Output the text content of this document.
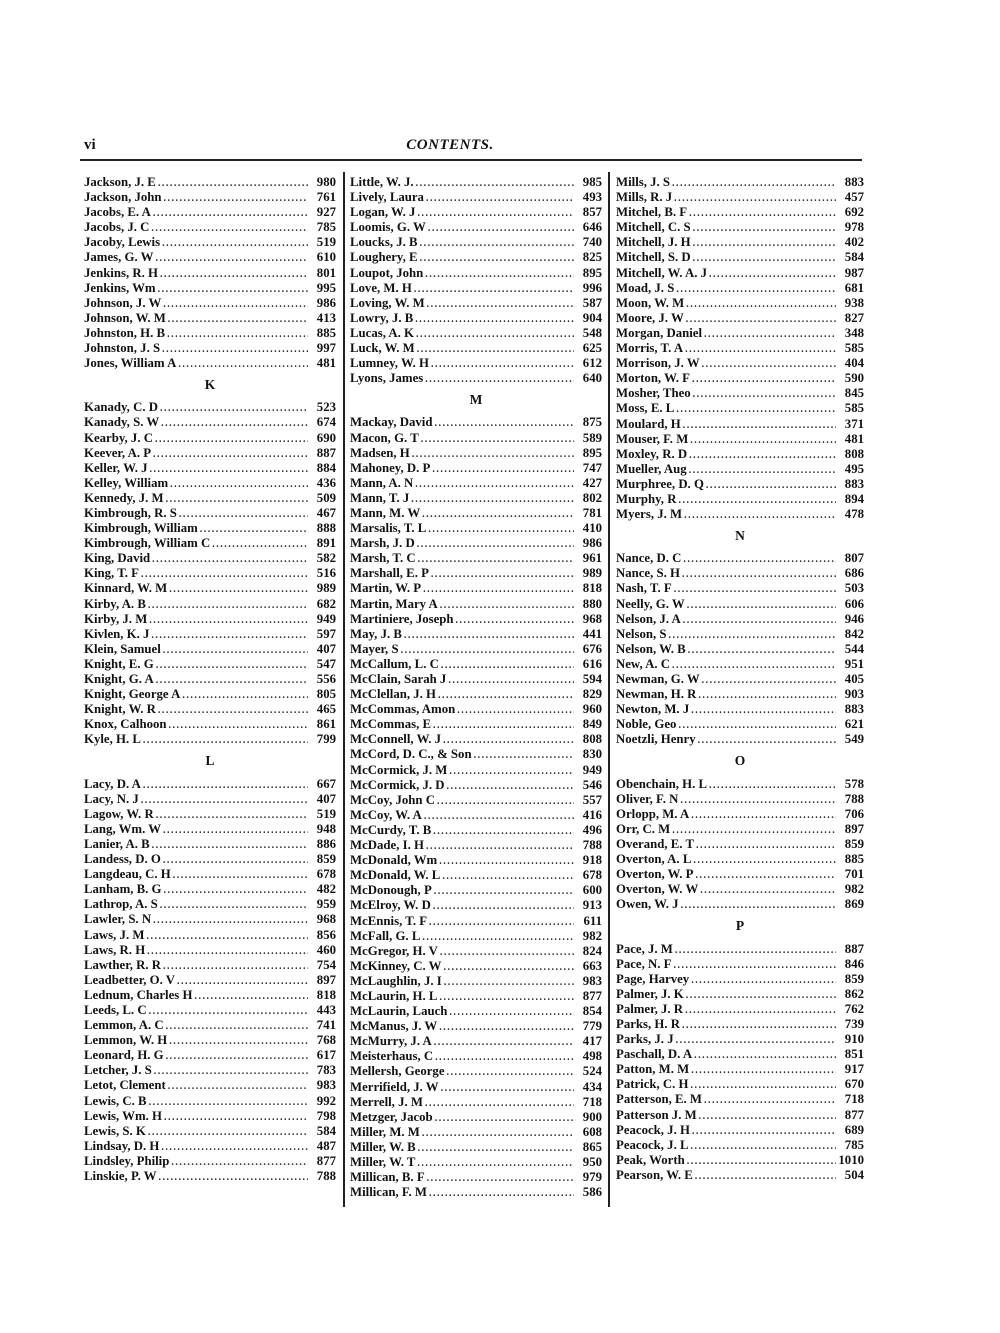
vi	CONTENTS.
Jackson, J. E . . .	980
Jackson, John . . .	761
Jacobs, E. A . . .	927
Jacobs, J. C . . .	785
Jacoby, Lewis . . .	519
James, G. W . . .	610
Jenkins, R. H . . .	801
Jenkins, Wm . . .	995
Johnson, J. W . . .	986
Johnson, W. M . . .	413
Johnston, H. B . . .	885
Johnston, J. S . . .	997
Jones, William A . . .	481
K
Kanady, C. D . . .	523
Kanady, S. W . . .	674
Kearby, J. C . . .	690
Keever, A. P . . .	887
Keller, W. J . . .	884
Kelley, William . . .	436
Kennedy, J. M . . .	509
Kimbrough, R. S . . .	467
Kimbrough, William . . .	888
Kimbrough, William C . . .	891
King, David . . .	582
King, T. F . . .	516
Kinnard, W. M . . .	989
Kirby, A. B . . .	682
Kirby, J. M . . .	949
Kivlen, K. J . . .	597
Klein, Samuel . . .	407
Knight, E. G . . .	547
Knight, G. A . . .	556
Knight, George A . . .	805
Knight, W. R . . .	465
Knox, Calhoon . . .	861
Kyle, H. L . . .	799
L
Lacy, D. A . . .	667
Lacy, N. J . . .	407
Lagow, W. R . . .	519
Lang, Wm. W . . .	948
Lanier, A. B . . .	886
Landess, D. O . . .	859
Langdeau, C. H . . .	678
Lanham, B. G . . .	482
Lathrop, A. S . . .	959
Lawler, S. N . . .	968
Laws, J. M . . .	856
Laws, R. H . . .	460
Lawther, R. R . . .	754
Leadbetter, O. V . . .	897
Lednum, Charles H . . .	818
Leeds, L. C . . .	443
Lemmon, A. C . . .	741
Lemmon, W. H . . .	768
Leonard, H. G . . .	617
Letcher, J. S . . .	783
Letot, Clement . . .	983
Lewis, C. B . . .	992
Lewis, Wm. H . . .	798
Lewis, S. K . . .	584
Lindsay, D. H . . .	487
Lindsley, Philip . . .	877
Linskie, P. W . . .	788
Little, W. J. . . .	985
Lively, Laura . . .	493
Logan, W. J . . .	857
Loomis, G. W . . .	646
Loucks, J. B . . .	740
Loughery, E . . .	825
Loupot, John . . .	895
Love, M. H . . .	996
Loving, W. M . . .	587
Lowry, J. B . . .	904
Lucas, A. K . . .	548
Luck, W. M . . .	625
Lumney, W. H . . .	612
Lyons, James . . .	640
M
Mackay, David . . .	875
Macon, G. T . . .	589
Madsen, H . . .	895
Mahoney, D. P . . .	747
Mann, A. N . . .	427
Mann, T. J . . .	802
Mann, M. W . . .	781
Marsalis, T. L . . .	410
Marsh, J. D . . .	986
Marsh, T. C . . .	961
Marshall, E. P . . .	989
Martin, W. P . . .	818
Martin, Mary A . . .	880
Martiniere, Joseph . . .	968
May, J. B . . .	441
Mayer, S . . .	676
McCallum, L. C . . .	616
McClain, Sarah J . . .	594
McClellan, J. H . . .	829
McCommas, Amon . . .	960
McCommas, E . . .	849
McConnell, W. J . . .	808
McCord, D. C., & Son . . .	830
McCormick, J. M . . .	949
McCormick, J. D . . .	546
McCoy, John C . . .	557
McCoy, W. A . . .	416
McCurdy, T. B . . .	496
McDade, I. H . . .	788
McDonald, Wm . . .	918
McDonald, W. L . . .	678
McDonough, P . . .	600
McElroy, W. D . . .	913
McEnnis, T. F . . .	611
McFall, G. L . . .	982
McGregor, H. V . . .	824
McKinney, C. W . . .	663
McLaughlin, J. I . . .	983
McLaurin, H. L . . .	877
McLaurin, Lauch . . .	854
McManus, J. W . . .	779
McMurry, J. A . . .	417
Meisterhaus, C . . .	498
Mellersh, George . . .	524
Merrifield, J. W . . .	434
Merrell, J. M . . .	718
Metzger, Jacob . . .	900
Miller, M. M . . .	608
Miller, W. B . . .	865
Miller, W. T . . .	950
Millican, B. F . . .	979
Millican, F. M . . .	586
Mills, J. S . . .	883
Mills, R. J . . .	457
Mitchel, B. F . . .	692
Mitchell, C. S . . .	978
Mitchell, J. H . . .	402
Mitchell, S. D . . .	584
Mitchell, W. A. J . . .	987
Moad, J. S . . .	681
Moon, W. M . . .	938
Moore, J. W . . .	827
Morgan, Daniel . . .	348
Morris, T. A . . .	585
Morrison, J. W . . .	404
Morton, W. F . . .	590
Mosher, Theo . . .	845
Moss, E. L . . .	585
Moulard, H . . .	371
Mouser, F. M . . .	481
Moxley, R. D . . .	808
Mueller, Aug . . .	495
Murphree, D. Q . . .	883
Murphy, R . . .	894
Myers, J. M . . .	478
N
Nance, D. C . . .	807
Nance, S. H . . .	686
Nash, T. F . . .	503
Neelly, G. W . . .	606
Nelson, J. A . . .	946
Nelson, S . . .	842
Nelson, W. B . . .	544
New, A. C . . .	951
Newman, G. W . . .	405
Newman, H. R . . .	903
Newton, M. J . . .	883
Noble, Geo . . .	621
Noetzli, Henry . . .	549
O
Obenchain, H. L . . .	578
Oliver, F. N . . .	788
Orlopp, M. A . . .	706
Orr, C. M . . .	897
Overand, E. T . . .	859
Overton, A. L . . .	885
Overton, W. P . . .	701
Overton, W. W . . .	982
Owen, W. J . . .	869
P
Pace, J. M . . .	887
Pace, N. F . . .	846
Page, Harvey . . .	859
Palmer, J. K . . .	862
Palmer, J. R . . .	762
Parks, H. R . . .	739
Parks, J. J . . .	910
Paschall, D. A . . .	851
Patton, M. M . . .	917
Patrick, C. H . . .	670
Patterson, E. M . . .	718
Patterson J. M . . .	877
Peacock, J. H . . .	689
Peacock, J. L . . .	785
Peak, Worth . . .	1010
Pearson, W. E . . .	504
